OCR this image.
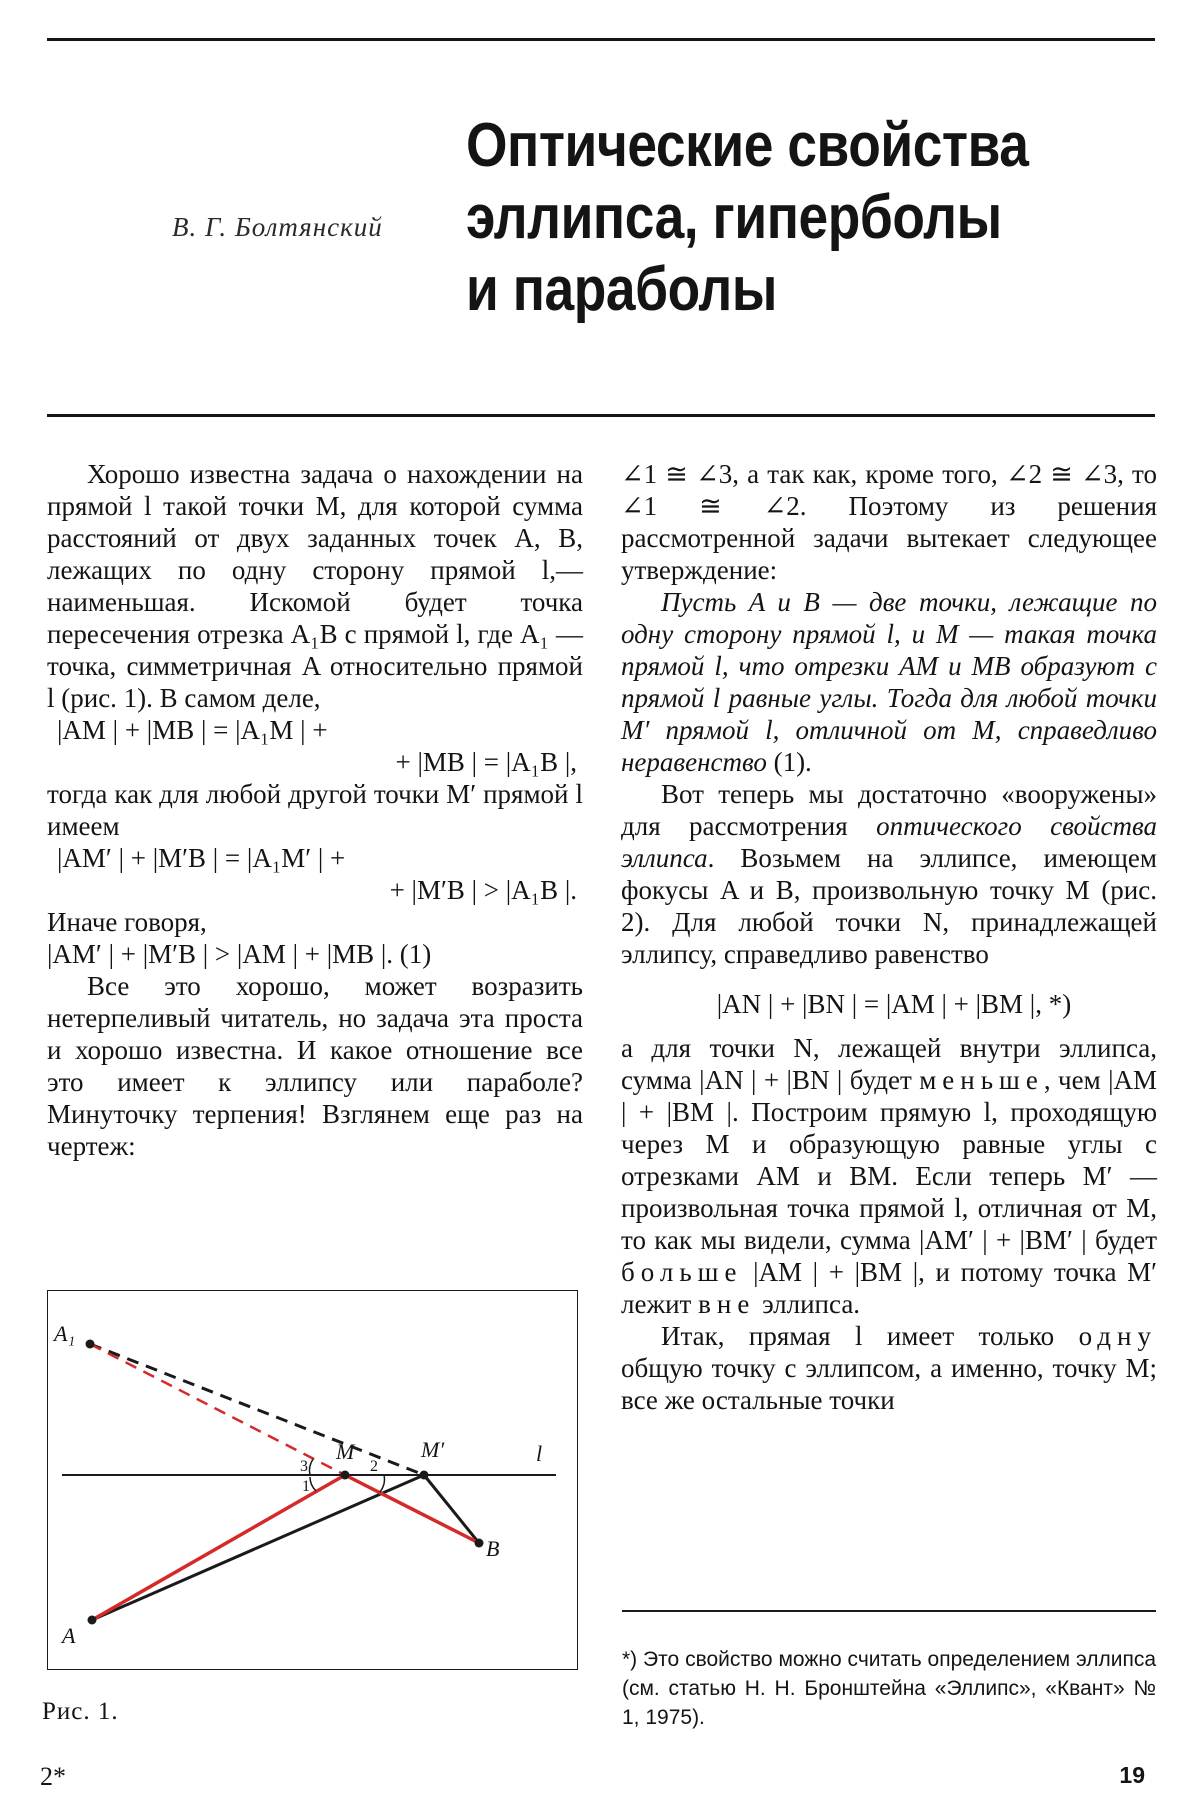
В. Г. Болтянский
Оптические свойства
эллипса, гиперболы
и параболы

Хорошо известна задача о нахождении на прямой l такой точки M, для которой сумма расстояний от двух заданных точек A, B, лежащих по одну сторону прямой l,— наименьшая. Искомой будет точка пересечения отрезка A₁B с прямой l, где A₁ — точка, симметричная A относительно прямой l (рис. 1). В самом деле,

|AM | + |MB | = |A₁M | +
+ |MB | = |A₁B |,

тогда как для любой другой точки M′ прямой l имеем

|AM′ | + |M′B | = |A₁M′ | +
+ |M′B | > |A₁B |.

Иначе говоря,

|AM′ | + |M′B | > |AM | + |MB |. (1)

Все это хорошо, может возразить нетерпеливый читатель, но задача эта проста и хорошо известна. И какое отношение все это имеет к эллипсу или параболе? Минуточку терпения! Взглянем еще раз на чертеж:

A₁
A
B
M	M′	l
3
1
2
Рис. 1.

∠1 ≅ ∠3, а так как, кроме того, ∠2 ≅ ∠3, то ∠1 ≅ ∠2. Поэтому из решения рассмотренной задачи вытекает следующее утверждение:

Пусть A и B — две точки, лежащие по одну сторону прямой l, и M — такая точка прямой l, что отрезки AM и MB образуют с прямой l равные углы. Тогда для любой точки M′ прямой l, отличной от M, справедливо неравенство (1).

Вот теперь мы достаточно «вооружены» для рассмотрения оптического свойства эллипса. Возьмем на эллипсе, имеющем фокусы A и B, произвольную точку M (рис. 2). Для любой точки N, принадлежащей эллипсу, справедливо равенство

|AN | + |BN | = |AM | + |BM |, *)

а для точки N, лежащей внутри эллипса, сумма |AN | + |BN | будет меньше, чем |AM | + |BM |. Построим прямую l, проходящую через M и образующую равные углы с отрезками AM и BM. Если теперь M′ — произвольная точка прямой l, отличная от M, то как мы видели, сумма |AM′ | + |BM′ | будет больше |AM | + |BM |, и потому точка M′ лежит вне эллипса.

Итак, прямая l имеет только одну общую точку с эллипсом, а именно, точку M; все же остальные точки

*) Это свойство можно считать определением эллипса (см. статью Н. Н. Бронштейна «Эллипс», «Квант» № 1, 1975).
2*	19
